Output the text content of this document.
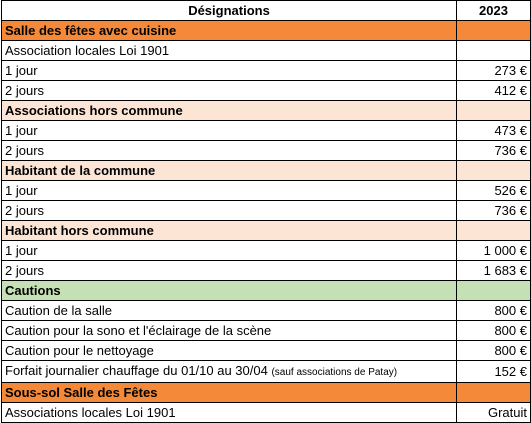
Désignations	2023
Salle des fêtes avec cuisine	
Association locales Loi 1901	
1 jour	273 €
2 jours	412 €
Associations hors commune	
1 jour	473 €
2 jours	736 €
Habitant de la commune	
1 jour	526 €
2 jours	736 €
Habitant hors commune	
1 jour	1 000 €
2 jours	1 683 €
Cautions	
Caution de la salle	800 €
Caution pour la sono et l'éclairage de la scène	800 €
Caution pour le nettoyage	800 €
Forfait journalier chauffage du 01/10 au 30/04 (sauf associations de Patay)	152 €
Sous-sol Salle des Fêtes	
Associations locales Loi 1901	Gratuit
